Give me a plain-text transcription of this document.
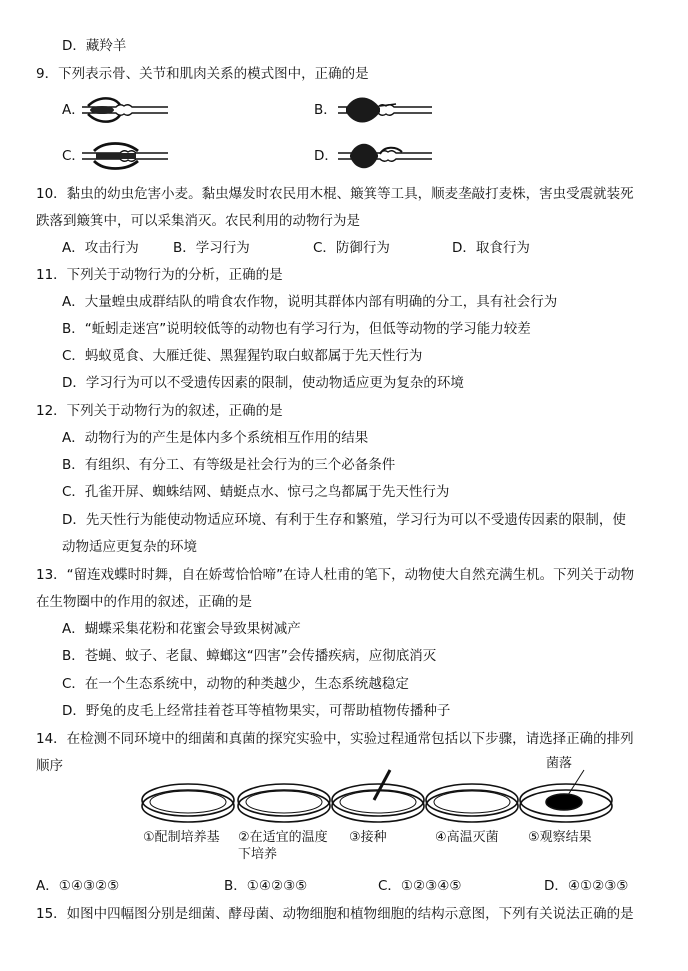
D．藏羚羊
9．下列表示骨、关节和肌肉关系的模式图中，正确的是
A．	B．
C．	D．
10．黏虫的幼虫危害小麦。黏虫爆发时农民用木棍、簸箕等工具，顺麦垄敲打麦株，害虫受震就装死
跌落到簸箕中，可以采集消灭。农民利用的动物行为是
A．攻击行为	B．学习行为	C．防御行为	D．取食行为
11．下列关于动物行为的分析，正确的是
A．大量蝗虫成群结队的啃食农作物，说明其群体内部有明确的分工，具有社会行为
B．“蚯蚓走迷宫”说明较低等的动物也有学习行为，但低等动物的学习能力较差
C．蚂蚁觅食、大雁迁徙、黑猩猩钓取白蚁都属于先天性行为
D．学习行为可以不受遗传因素的限制，使动物适应更为复杂的环境
12．下列关于动物行为的叙述，正确的是
A．动物行为的产生是体内多个系统相互作用的结果
B．有组织、有分工、有等级是社会行为的三个必备条件
C．孔雀开屏、蜘蛛结网、蜻蜓点水、惊弓之鸟都属于先天性行为
D．先天性行为能使动物适应环境、有利于生存和繁殖，学习行为可以不受遗传因素的限制，使
动物适应更复杂的环境
13．“留连戏蝶时时舞，自在娇莺恰恰啼”在诗人杜甫的笔下，动物使大自然充满生机。下列关于动物
在生物圈中的作用的叙述，正确的是
A．蝴蝶采集花粉和花蜜会导致果树减产
B．苍蝇、蚊子、老鼠、蟑螂这“四害”会传播疾病，应彻底消灭
C．在一个生态系统中，动物的种类越少，生态系统越稳定
D．野兔的皮毛上经常挂着苍耳等植物果实，可帮助植物传播种子
14．在检测不同环境中的细菌和真菌的探究实验中，实验过程通常包括以下步骤，请选择正确的排列
顺序	菌落
①配制培养基 ②在适宜的温度
下培养
③接种	④高温灭菌 ⑤观察结果
A．①④③②⑤	B．①④②③⑤	C．①②③④⑤	D．④①②③⑤
15．如图中四幅图分别是细菌、酵母菌、动物细胞和植物细胞的结构示意图，下列有关说法正确的是
